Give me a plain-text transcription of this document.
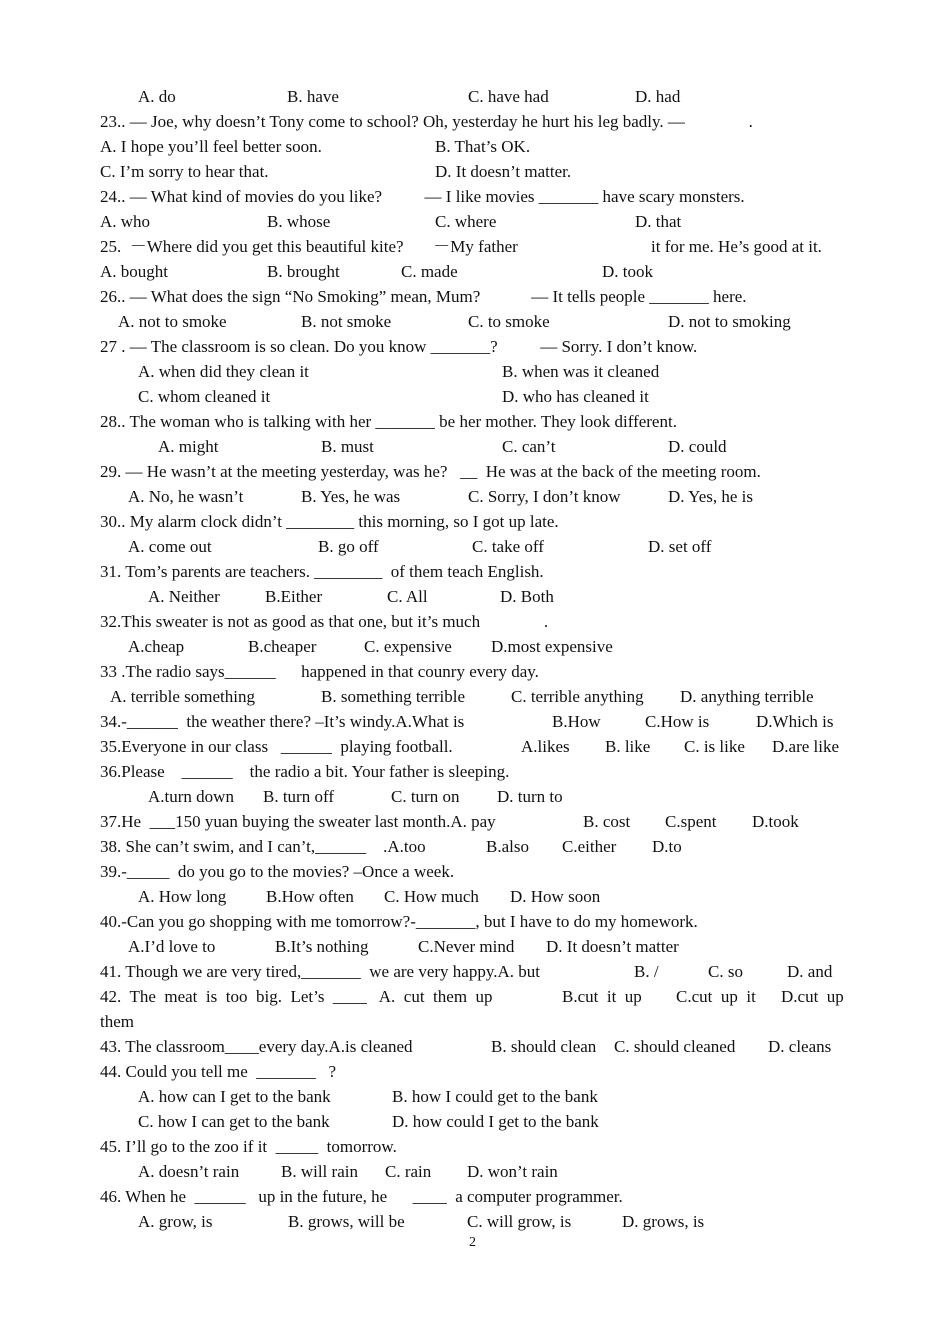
A. do	B. have	C. have had	D. had
23.. — Joe, why doesn’t Tony come to school? Oh, yesterday he hurt his leg badly. —               .
A. I hope you’ll feel better soon.	B. That’s OK.
C. I’m sorry to hear that.	D. It doesn’t matter.
24.. — What kind of movies do you like?          — I like movies _______ have scary monsters.
A. who	B. whose	C. where	D. that
25.  －Where did you get this beautiful kite?       －My father	it for me. He’s good at it.
A. bought	B. brought	C. made	D. took
26.. — What does the sign “No Smoking” mean, Mum?            — It tells people _______ here.
A. not to smoke	B. not smoke	C. to smoke	D. not to smoking
27 . — The classroom is so clean. Do you know _______?          — Sorry. I don’t know.
A. when did they clean it	B. when was it cleaned
C. whom cleaned it	D. who has cleaned it
28.. The woman who is talking with her _______ be her mother. They look different.
A. might	B. must	C. can’t	D. could
29. — He wasn’t at the meeting yesterday, was he?   __  He was at the back of the meeting room.
A. No, he wasn’t	B. Yes, he was	C. Sorry, I don’t know	D. Yes, he is
30.. My alarm clock didn’t ________ this morning, so I got up late.
A. come out	B. go off	C. take off	D. set off
31. Tom’s parents are teachers. ________  of them teach English.
A. Neither	B.Either	C. All	D. Both
32.This sweater is not as good as that one, but it’s much               .
A.cheap	B.cheaper	C. expensive D.most expensive
33 .The radio says______      happened in that counry every day.
A. terrible something	B. something terrible	C. terrible anything D. anything terrible
34.-______  the weather there? –It’s windy.A.What is	B.How	C.How is	D.Which is
35.Everyone in our class   ______  playing football.	A.likes B. like C. is like D.are like
36.Please    ______    the radio a bit. Your father is sleeping.
A.turn down B. turn off	C. turn on D. turn to
37.He  ___150 yuan buying the sweater last month.A. pay	B. cost C.spent D.took
38. She can’t swim, and I can’t,______    .A.too	B.also C.either D.to
39.-_____  do you go to the movies? –Once a week.
A. How long B.How often C. How much D. How soon
40.-Can you go shopping with me tomorrow?-_______, but I have to do my homework.
A.I’d love to	B.It’s nothing	C.Never mind D. It doesn’t matter
41. Though we are very tired,_______  we are very happy.A. but	B. /	C. so	D. and
42.  The  meat  is  too  big.  Let’s  ____   A.  cut  them  up	B.cut  it  up C.cut  up  it D.cut  up
them
43. The classroom____every day.A.is cleaned	B. should clean C. should cleaned D. cleans
44. Could you tell me  _______   ?
A. how can I get to the bank	B. how I could get to the bank
C. how I can get to the bank	D. how could I get to the bank
45. I’ll go to the zoo if it  _____  tomorrow.
A. doesn’t rain B. will rain C. rain D. won’t rain
46. When he  ______   up in the future, he      ____  a computer programmer.
A. grow, is	B. grows, will be	C. will grow, is	D. grows, is
2
